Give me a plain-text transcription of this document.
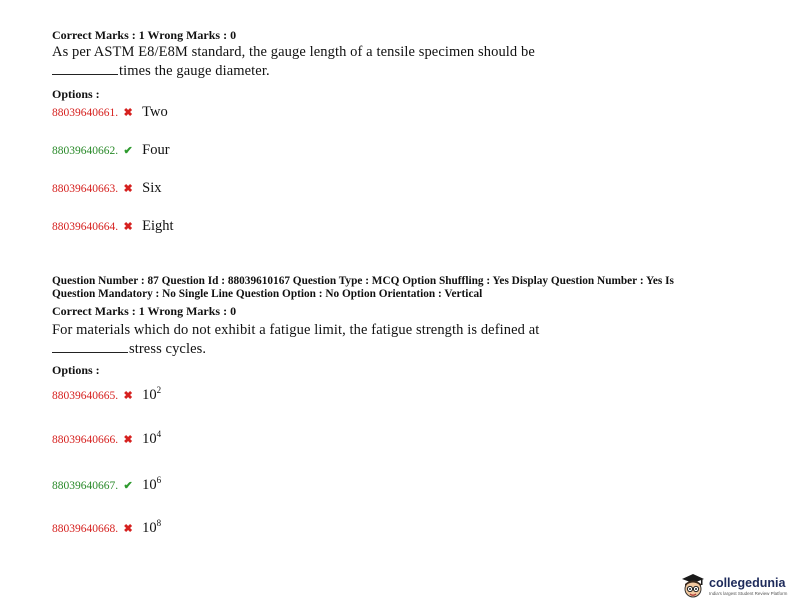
Correct Marks : 1 Wrong Marks : 0
As per ASTM E8/E8M standard, the gauge length of a tensile specimen should be
times the gauge diameter.
Options :
88039640661. ✖ Two
88039640662. ✔ Four
88039640663. ✖ Six
88039640664. ✖ Eight
Question Number : 87 Question Id : 88039610167 Question Type : MCQ Option Shuffling : Yes Display Question Number : Yes Is
Question Mandatory : No Single Line Question Option : No Option Orientation : Vertical
Correct Marks : 1 Wrong Marks : 0
For materials which do not exhibit a fatigue limit, the fatigue strength is defined at
stress cycles.
Options :
88039640665. ✖ $10^2$
88039640666. ✖ $10^4$
88039640667. ✔ $10^6$
88039640668. ✖ $10^8$
collegedunia
India's largest Student Review Platform
